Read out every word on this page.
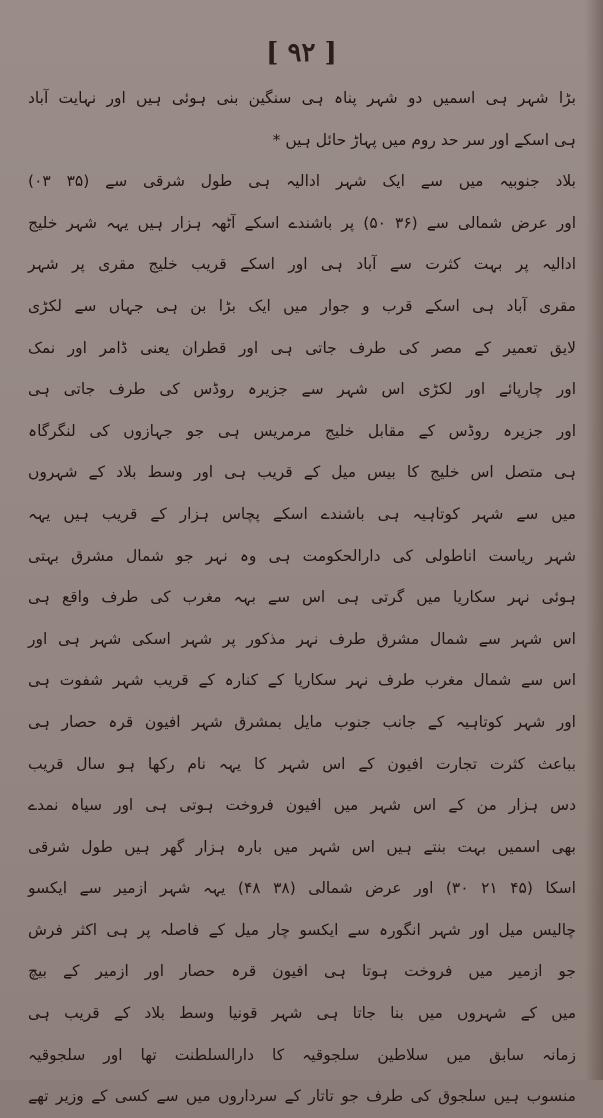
[ ٩٢ ]
بڑا شہر ہی اسمیں دو شہر پناہ ہی سنگین بنی ہوئی ہیں اور نہایت آباد
ہی اسکے اور سر حد روم میں پہاڑ حائل ہیں *
بلاد جنوبیہ میں سے ایک شہر ادالیہ ہی طول شرقی سے (۳۵ ۰۳)
اور عرض شمالی سے (۳۶ ۵۰) پر باشندے اسکے آٹھہ ہزار ہیں یہہ شہر خلیج
ادالیہ پر بہت کثرت سے آباد ہی اور اسکے قریب خلیج مقری پر شہر
مقری آباد ہی اسکے قرب و جوار میں ایک بڑا بن ہی جہاں سے لکڑی
لایق تعمیر کے مصر کی طرف جاتی ہی اور قطران یعنی ڈامر اور نمک
اور چارپائے اور لکڑی اس شہر سے جزیرہ روڈس کی طرف جاتی ہی
اور جزیرہ روڈس کے مقابل خلیج مرمریس ہی جو جہازوں کی لنگرگاہ
ہی متصل اس خلیج کا بیس میل کے قریب ہی اور وسط بلاد کے شہروں
میں سے شہر کوتاہیہ ہی باشندے اسکے پچاس ہزار کے قریب ہیں یہہ
شہر ریاست اناطولی کی دارالحکومت ہی وہ نہر جو شمال مشرق بہتی
ہوئی نہر سکاریا میں گرتی ہی اس سے بہہ مغرب کی طرف واقع ہی
اس شہر سے شمال مشرق طرف نہر مذکور پر شہر اسکی شہر ہی اور
اس سے شمال مغرب طرف نہر سکاریا کے کنارہ کے قریب شہر شفوت ہی
اور شہر کوتاہیہ کے جانب جنوب مایل بمشرق شہر افیون قرہ حصار ہی
بباعث کثرت تجارت افیون کے اس شہر کا یہہ نام رکھا ہو سال قریب
دس ہزار من کے اس شہر میں افیون فروخت ہوتی ہی اور سیاہ نمدے
بھی اسمیں بہت بنتے ہیں اس شہر میں بارہ ہزار گھر ہیں طول شرقی
اسکا (۴۵ ۲۱ ۳۰) اور عرض شمالی (۳۸ ۴۸) یہہ شہر ازمیر سے ایکسو
چالیس میل اور شہر انگورہ سے ایکسو چار میل کے فاصلہ پر ہی اکثر فرش
جو ازمیر میں فروخت ہوتا ہی افیون قرہ حصار اور ازمیر کے بیچ
میں کے شہروں میں بنا جاتا ہی شہر قونیا وسط بلاد کے قریب ہی
زمانہ سابق میں سلاطین سلجوقیہ کا دارالسلطنت تھا اور سلجوقیہ
منسوب ہیں سلجوق کی طرف جو تاتار کے سرداروں میں سے کسی کے وزیر تھے
